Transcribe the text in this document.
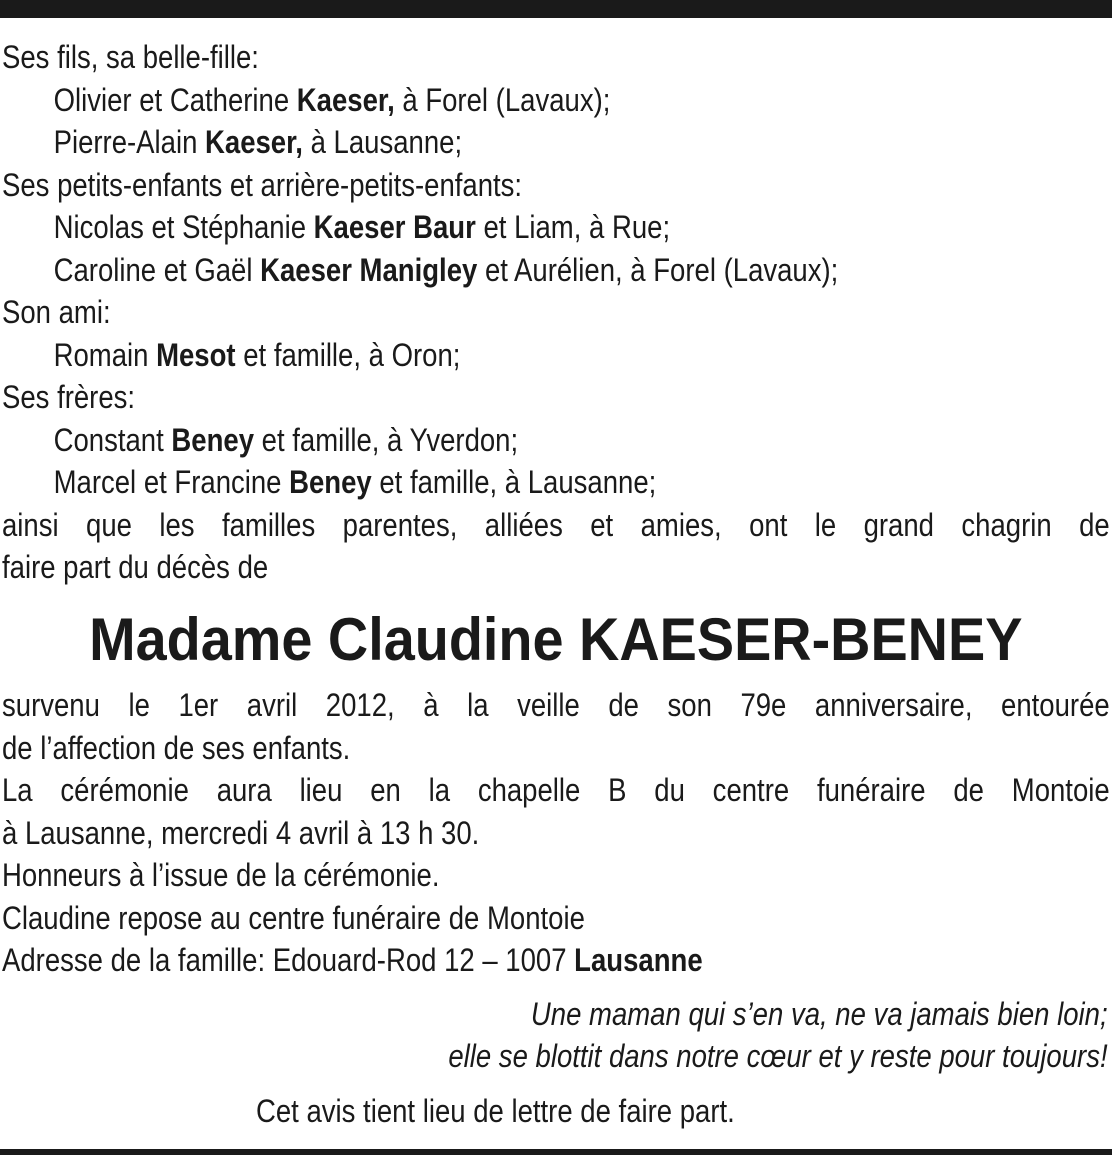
Ses fils, sa belle-fille:
Olivier et Catherine Kaeser, à Forel (Lavaux);
Pierre-Alain Kaeser, à Lausanne;
Ses petits-enfants et arrière-petits-enfants:
Nicolas et Stéphanie Kaeser Baur et Liam, à Rue;
Caroline et Gaël Kaeser Manigley et Aurélien, à Forel (Lavaux);
Son ami:
Romain Mesot et famille, à Oron;
Ses frères:
Constant Beney et famille, à Yverdon;
Marcel et Francine Beney et famille, à Lausanne;
ainsi que les familles parentes, alliées et amies, ont le grand chagrin de
faire part du décès de
Madame Claudine KAESER-BENEY
survenu le 1er avril 2012, à la veille de son 79e anniversaire, entourée
de l’affection de ses enfants.
La cérémonie aura lieu en la chapelle B du centre funéraire de Montoie
à Lausanne, mercredi 4 avril à 13 h 30.
Honneurs à l’issue de la cérémonie.
Claudine repose au centre funéraire de Montoie
Adresse de la famille: Edouard-Rod 12 – 1007 Lausanne
Une maman qui s’en va, ne va jamais bien loin;
elle se blottit dans notre cœur et y reste pour toujours!
Cet avis tient lieu de lettre de faire part.
